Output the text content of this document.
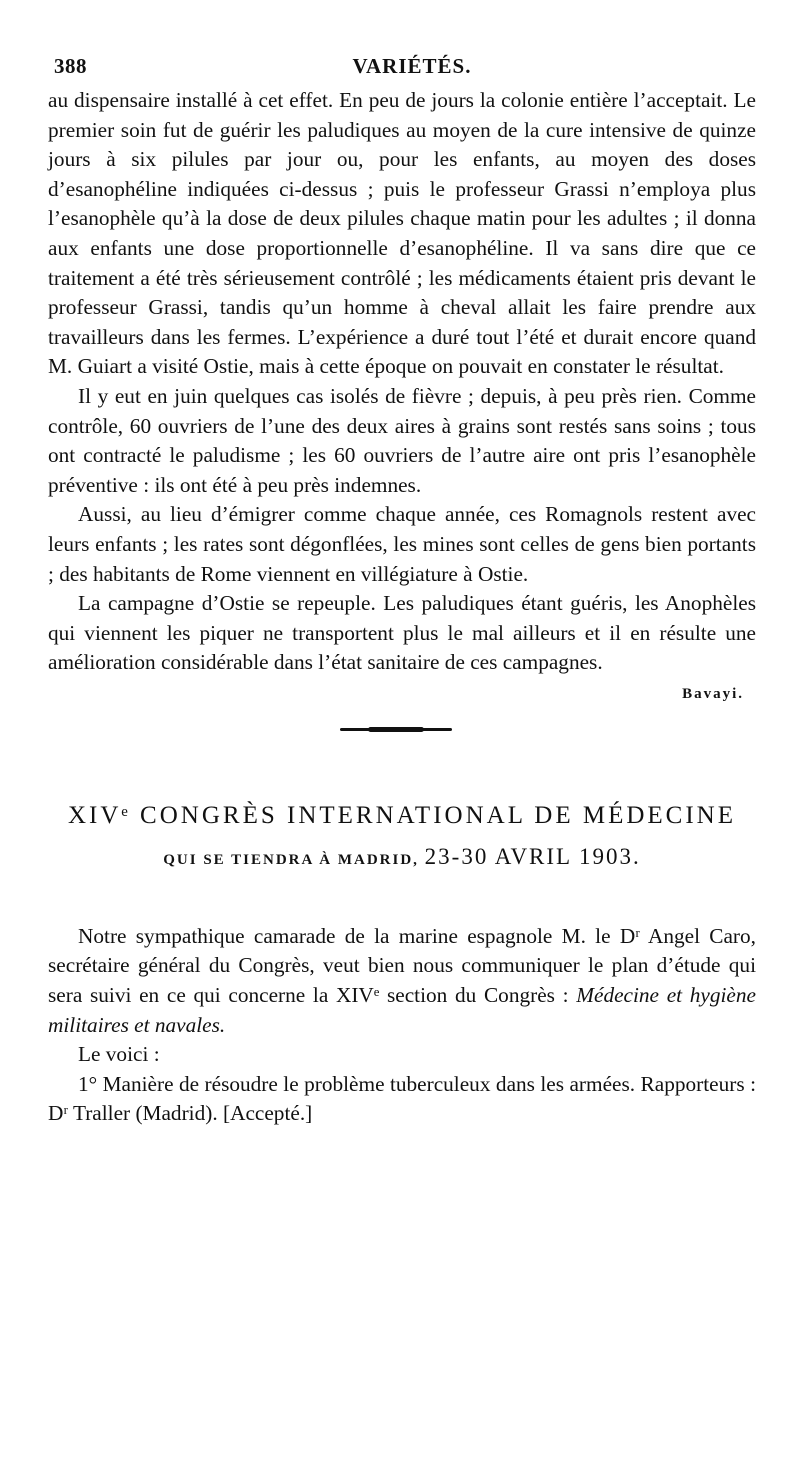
388	VARIÉTÉS.

au dispensaire installé à cet effet. En peu de jours la colonie entière l’acceptait. Le premier soin fut de guérir les paludiques au moyen de la cure intensive de quinze jours à six pilules par jour ou, pour les enfants, au moyen des doses d’esanophéline indiquées ci-dessus ; puis le professeur Grassi n’employa plus l’esanophèle qu’à la dose de deux pilules chaque matin pour les adultes ; il donna aux enfants une dose proportionnelle d’esanophéline. Il va sans dire que ce traitement a été très sérieusement contrôlé ; les médicaments étaient pris devant le professeur Grassi, tandis qu’un homme à cheval allait les faire prendre aux travailleurs dans les fermes. L’expérience a duré tout l’été et durait encore quand M. Guiart a visité Ostie, mais à cette époque on pouvait en constater le résultat.

Il y eut en juin quelques cas isolés de fièvre ; depuis, à peu près rien. Comme contrôle, 60 ouvriers de l’une des deux aires à grains sont restés sans soins ; tous ont contracté le paludisme ; les 60 ouvriers de l’autre aire ont pris l’esanophèle préventive : ils ont été à peu près indemnes.

Aussi, au lieu d’émigrer comme chaque année, ces Romagnols restent avec leurs enfants ; les rates sont dégonflées, les mines sont celles de gens bien portants ; des habitants de Rome viennent en villégiature à Ostie.

La campagne d’Ostie se repeuple. Les paludiques étant guéris, les Anophèles qui viennent les piquer ne transportent plus le mal ailleurs et il en résulte une amélioration considérable dans l’état sanitaire de ces campagnes.

Bavayi.
XIVᵉ CONGRÈS INTERNATIONAL DE MÉDECINE
QUI SE TIENDRA À MADRID, 23-30 AVRIL 1903.

Notre sympathique camarade de la marine espagnole M. le Dʳ Angel Caro, secrétaire général du Congrès, veut bien nous communiquer le plan d’étude qui sera suivi en ce qui concerne la XIVᵉ section du Congrès : Médecine et hygiène militaires et navales.

Le voici :

1° Manière de résoudre le problème tuberculeux dans les armées. Rapporteurs : Dʳ Traller (Madrid). [Accepté.]
